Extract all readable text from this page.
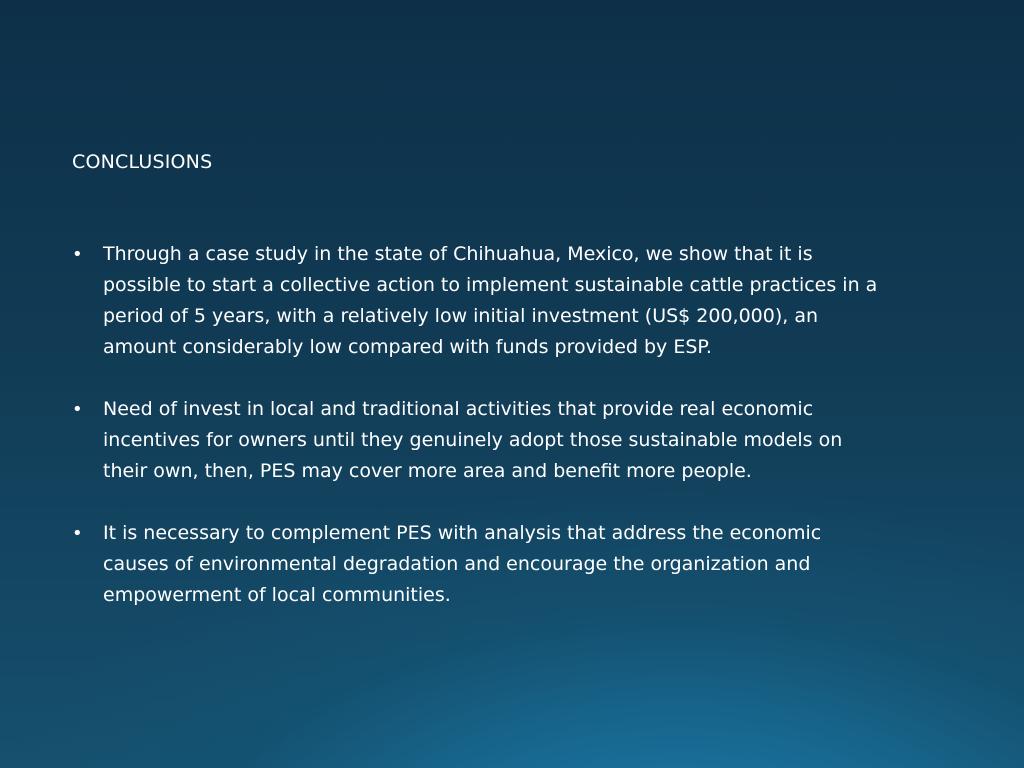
CONCLUSIONS
• Through a case study in the state of Chihuahua, Mexico, we show that it is
possible to start a collective action to implement sustainable cattle practices in a
period of 5 years, with a relatively low initial investment (US$ 200,000), an
amount considerably low compared with funds provided by ESP.
• Need of invest in local and traditional activities that provide real economic
incentives for owners until they genuinely adopt those sustainable models on
their own, then, PES may cover more area and benefit more people.
• It is necessary to complement PES with analysis that address the economic
causes of environmental degradation and encourage the organization and
empowerment of local communities.
